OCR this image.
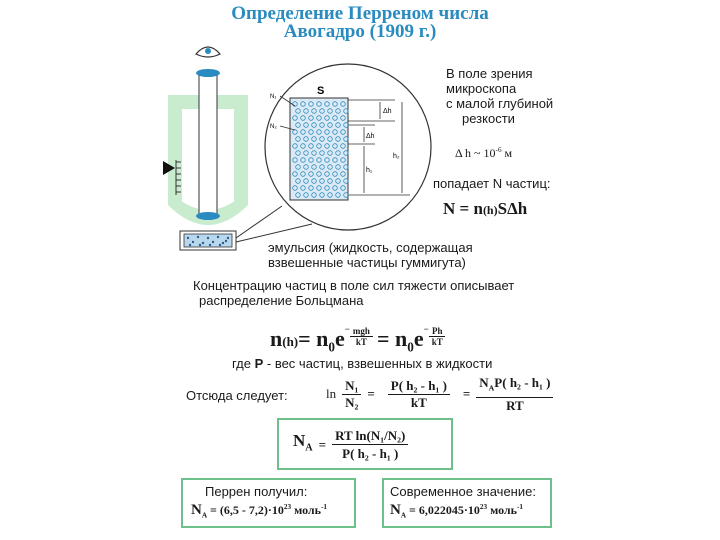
Определение Перреном числа
Авогадро (1909 г.)
S
N₁
N₂
Δh
Δh
h₁
h₂
В поле зрения
микроскопа
с малой глубиной
резкости
Δ h ~ $10^{-6}$ м
попадает N частиц:
N = n(h)SΔh
эмульсия (жидкость, содержащая
взвешенные частицы гуммигута)
Концентрацию частиц в поле сил тяжести описывает
распределение Больцмана
$n(h)= n_0e^- \frac{\text{mgh}}{kT} = n_0e^- \frac{Ph}{kT}$
где P - вес частиц, взвешенных в жидкости
Отсюда следует:	$\ln \frac{\text{N₁}}{\text{N₂}} = \frac{\text{P( h₂ - h₁ )}}{kT} = \frac{N_AP( h_2 - h_1 )}{RT}$
$N_A = \frac{\text{RT ln(N₁/N₂)}}{\text{P( h₂ - h₁ )}}$
Перрен получил:
$N_A = (6,5 - 7,2)\cdot 10^{23}$ моль$^{-1}$
Современное значение:
$N_A = 6,022045\cdot 10^{23}$ моль$^{-1}$
